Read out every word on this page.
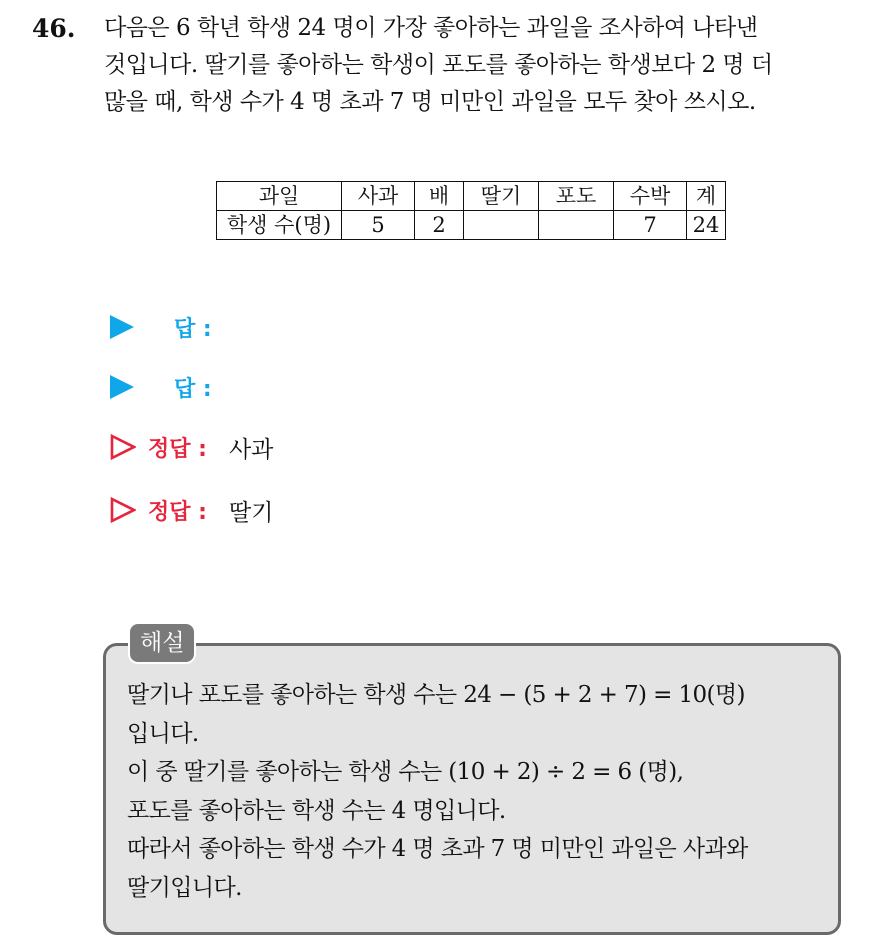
46. 다음은 6 학년 학생 24 명이 가장 좋아하는 과일을 조사하여 나타낸
것입니다. 딸기를 좋아하는 학생이 포도를 좋아하는 학생보다 2 명 더
많을 때, 학생 수가 4 명 초과 7 명 미만인 과일을 모두 찾아 쓰시오.
과일	사과	배	딸기	포도	수박	계
학생 수(명)	5	2			7	24
답 :
답 :
정답 : 사과
정답 : 딸기
해설
딸기나 포도를 좋아하는 학생 수는 24 − (5 + 2 + 7) = 10(명)
입니다.
이 중 딸기를 좋아하는 학생 수는 (10 + 2) ÷ 2 = 6 (명),
포도를 좋아하는 학생 수는 4 명입니다.
따라서 좋아하는 학생 수가 4 명 초과 7 명 미만인 과일은 사과와
딸기입니다.
